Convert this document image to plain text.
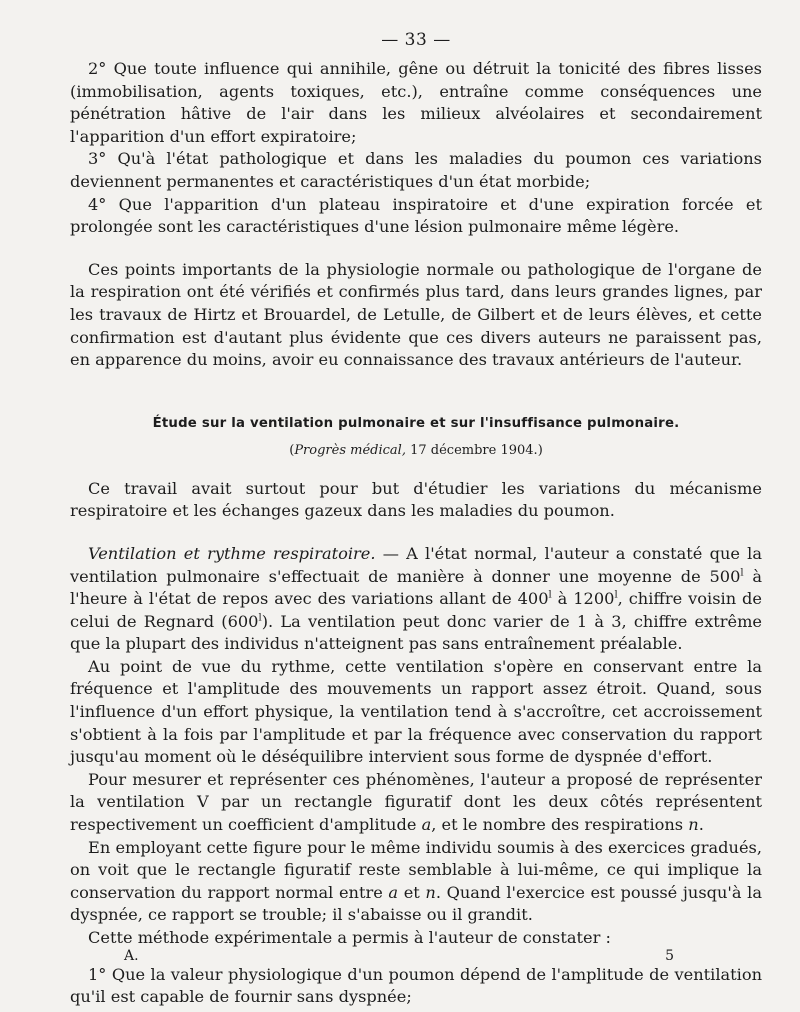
— 33 —

2° Que toute influence qui annihile, gêne ou détruit la tonicité des fibres lisses (immobilisation, agents toxiques, etc.), entraîne comme conséquences une pénétration hâtive de l'air dans les milieux alvéolaires et secondairement l'apparition d'un effort expiratoire;

3° Qu'à l'état pathologique et dans les maladies du poumon ces variations deviennent permanentes et caractéristiques d'un état morbide;

4° Que l'apparition d'un plateau inspiratoire et d'une expiration forcée et prolongée sont les caractéristiques d'une lésion pulmonaire même légère.

Ces points importants de la physiologie normale ou pathologique de l'organe de la respiration ont été vérifiés et confirmés plus tard, dans leurs grandes lignes, par les travaux de Hirtz et Brouardel, de Letulle, de Gilbert et de leurs élèves, et cette confirmation est d'autant plus évidente que ces divers auteurs ne paraissent pas, en apparence du moins, avoir eu connaissance des travaux antérieurs de l'auteur.

Étude sur la ventilation pulmonaire et sur l'insuffisance pulmonaire.
(Progrès médical, 17 décembre 1904.)

Ce travail avait surtout pour but d'étudier les variations du mécanisme respiratoire et les échanges gazeux dans les maladies du poumon.

Ventilation et rythme respiratoire. — A l'état normal, l'auteur a constaté que la ventilation pulmonaire s'effectuait de manière à donner une moyenne de 500$^l$ à l'heure à l'état de repos avec des variations allant de 400$^l$ à 1200$^l$, chiffre voisin de celui de Regnard (600$^l$). La ventilation peut donc varier de 1 à 3, chiffre extrême que la plupart des individus n'atteignent pas sans entraînement préalable.

Au point de vue du rythme, cette ventilation s'opère en conservant entre la fréquence et l'amplitude des mouvements un rapport assez étroit. Quand, sous l'influence d'un effort physique, la ventilation tend à s'accroître, cet accroissement s'obtient à la fois par l'amplitude et par la fréquence avec conservation du rapport jusqu'au moment où le déséquilibre intervient sous forme de dyspnée d'effort.

Pour mesurer et représenter ces phénomènes, l'auteur a proposé de représenter la ventilation V par un rectangle figuratif dont les deux côtés représentent respectivement un coefficient d'amplitude a, et le nombre des respirations n.

En employant cette figure pour le même individu soumis à des exercices gradués, on voit que le rectangle figuratif reste semblable à lui-même, ce qui implique la conservation du rapport normal entre a et n. Quand l'exercice est poussé jusqu'à la dyspnée, ce rapport se trouble; il s'abaisse ou il grandit.

Cette méthode expérimentale a permis à l'auteur de constater :

1° Que la valeur physiologique d'un poumon dépend de l'amplitude de ventilation qu'il est capable de fournir sans dyspnée;

A.	5
